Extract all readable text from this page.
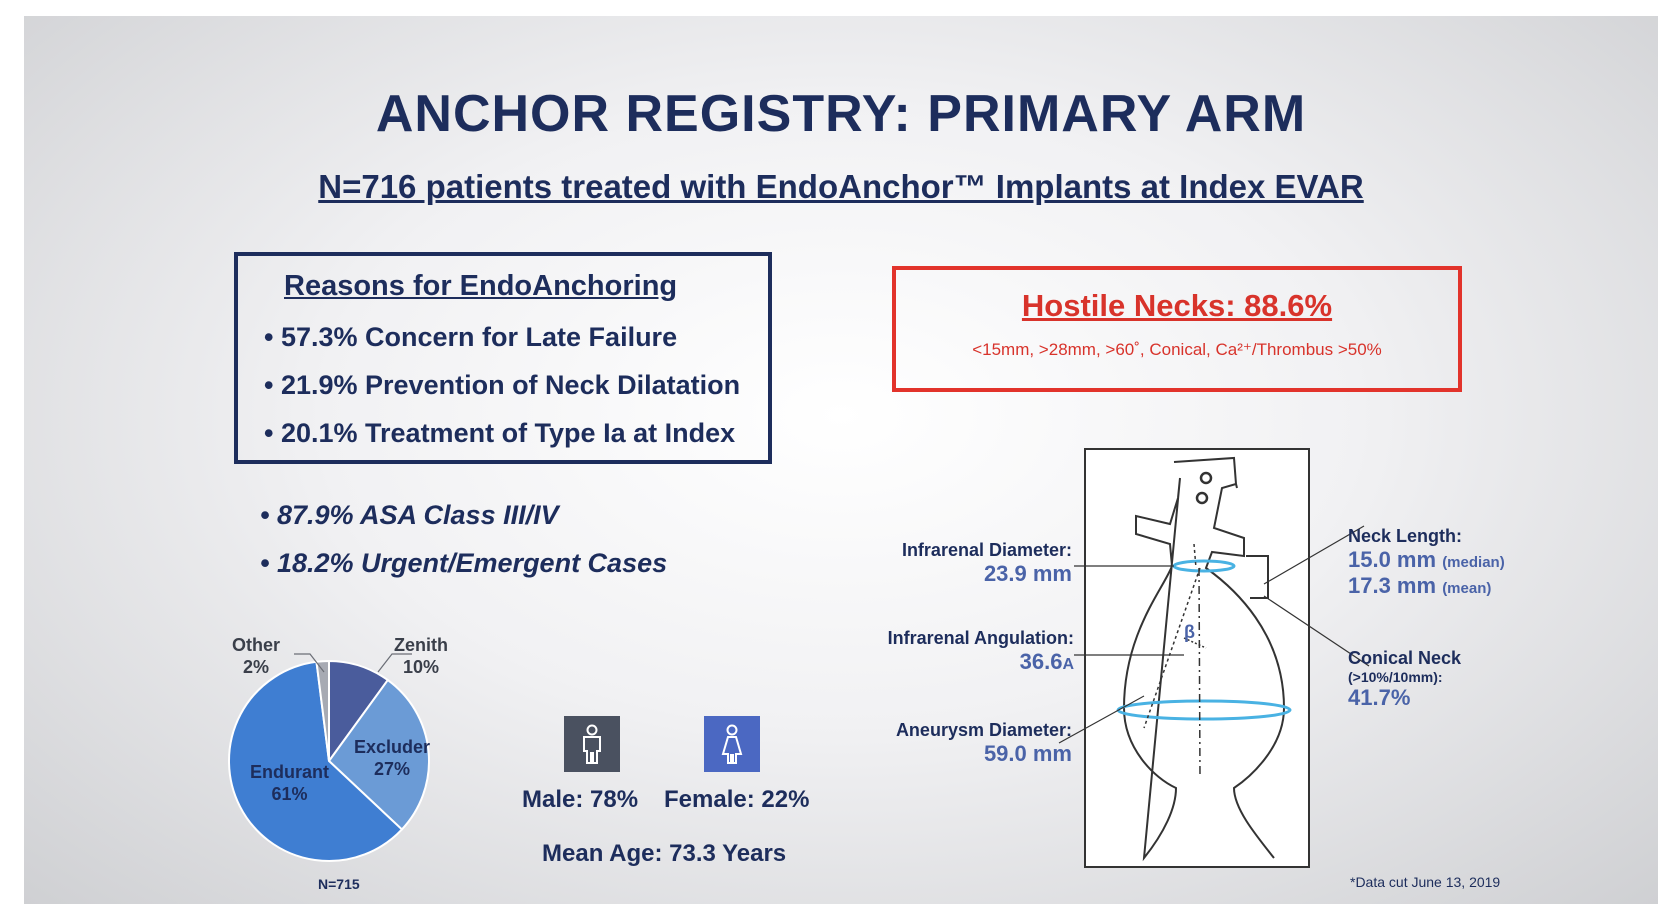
ANCHOR REGISTRY: PRIMARY ARM
N=716 patients treated with EndoAnchor™ Implants at Index EVAR
Reasons for EndoAnchoring
• 57.3% Concern for Late Failure
• 21.9% Prevention of Neck Dilatation
• 20.1% Treatment of Type Ia at Index
• 87.9% ASA Class III/IV
• 18.2% Urgent/Emergent Cases
Hostile Necks: 88.6%
<15mm, >28mm, >60˚, Conical, Ca²⁺/Thrombus >50%
Other
2%
Zenith
10%
Excluder
27%
Endurant
61%
N=715
Male: 78% Female: 22%
Mean Age: 73.3 Years
β
Infrarenal Diameter:
23.9 mm
Infrarenal Angulation:
36.6A
Aneurysm Diameter:
59.0 mm
Neck Length:
15.0 mm (median)
17.3 mm (mean)
Conical Neck
(>10%/10mm):
41.7%
*Data cut June 13, 2019
